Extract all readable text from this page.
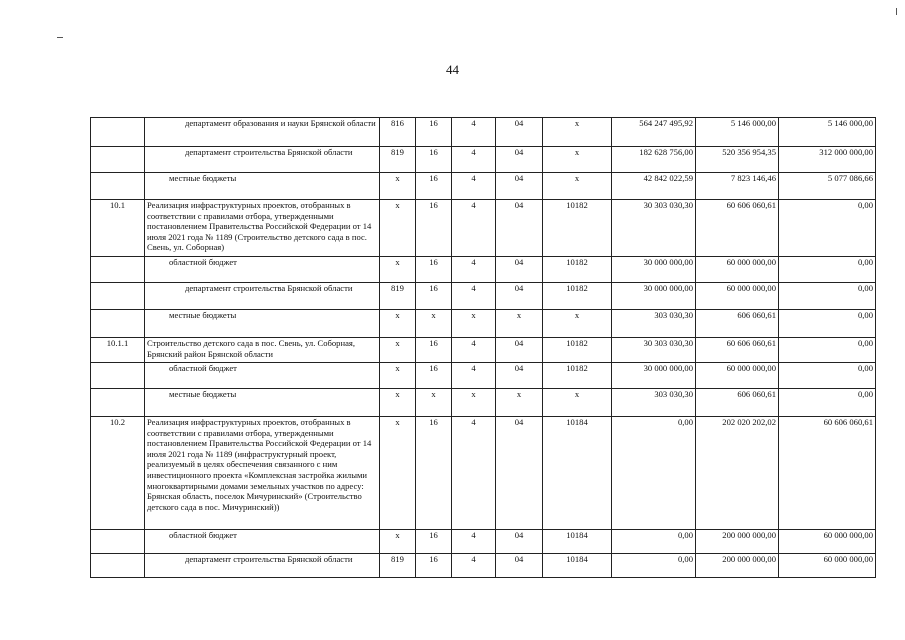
44
	департамент образования и науки Брянской области	816	16	4	04	x	564 247 495,92	5 146 000,00	5 146 000,00
	департамент строительства Брянской области	819	16	4	04	x	182 628 756,00	520 356 954,35	312 000 000,00
	местные бюджеты	x	16	4	04	x	42 842 022,59	7 823 146,46	5 077 086,66
10.1	Реализация инфраструктурных проектов, отобранных в соответствии с правилами отбора, утвержденными постановлением Правительства Российской Федерации от 14 июля 2021 года № 1189 (Строительство детского сада в пос. Свень, ул. Соборная)	x	16	4	04	10182	30 303 030,30	60 606 060,61	0,00
	областной бюджет	x	16	4	04	10182	30 000 000,00	60 000 000,00	0,00
	департамент строительства Брянской области	819	16	4	04	10182	30 000 000,00	60 000 000,00	0,00
	местные бюджеты	x	x	x	x	x	303 030,30	606 060,61	0,00
10.1.1	Строительство детского сада в пос. Свень, ул. Соборная, Брянский район Брянской области	x	16	4	04	10182	30 303 030,30	60 606 060,61	0,00
	областной бюджет	x	16	4	04	10182	30 000 000,00	60 000 000,00	0,00
	местные бюджеты	x	x	x	x	x	303 030,30	606 060,61	0,00
10.2	Реализация инфраструктурных проектов, отобранных в соответствии с правилами отбора, утвержденными постановлением Правительства Российской Федерации от 14 июля 2021 года № 1189 (инфраструктурный проект, реализуемый в целях обеспечения связанного с ним инвестиционного проекта «Комплексная застройка жилыми многоквартирными домами земельных участков по адресу: Брянская область, поселок Мичуринский» (Строительство детского сада в пос. Мичуринский))	x	16	4	04	10184	0,00	202 020 202,02	60 606 060,61
	областной бюджет	x	16	4	04	10184	0,00	200 000 000,00	60 000 000,00
	департамент строительства Брянской области	819	16	4	04	10184	0,00	200 000 000,00	60 000 000,00
